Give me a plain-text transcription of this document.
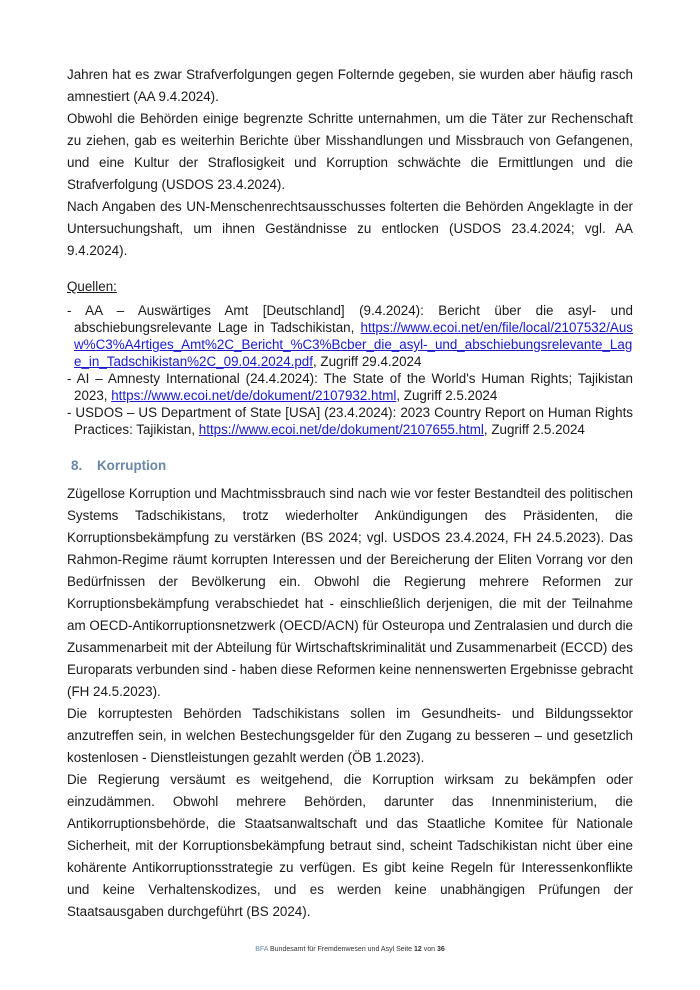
Jahren hat es zwar Strafverfolgungen gegen Folternde gegeben, sie wurden aber häufig rasch amnestiert (AA 9.4.2024).

Obwohl die Behörden einige begrenzte Schritte unternahmen, um die Täter zur Rechenschaft zu ziehen, gab es weiterhin Berichte über Misshandlungen und Missbrauch von Gefangenen, und eine Kultur der Straflosigkeit und Korruption schwächte die Ermittlungen und die Strafverfolgung (USDOS 23.4.2024).

Nach Angaben des UN-Menschenrechtsausschusses folterten die Behörden Angeklagte in der Untersuchungshaft, um ihnen Geständnisse zu entlocken (USDOS 23.4.2024; vgl. AA 9.4.2024).

Quellen:
- AA – Auswärtiges Amt [Deutschland] (9.4.2024): Bericht über die asyl- und abschiebungsrelevante Lage in Tadschikistan, https://www.ecoi.net/en/file/local/2107532/Ausw%C3%A4rtiges_Amt%2C_Bericht_%C3%Bcber_die_asyl-_und_abschiebungsrelevante_Lage_in_Tadschikistan%2C_09.04.2024.pdf, Zugriff 29.4.2024
- AI – Amnesty International (24.4.2024): The State of the World's Human Rights; Tajikistan 2023, https://www.ecoi.net/de/dokument/2107932.html, Zugriff 2.5.2024
- USDOS – US Department of State [USA] (23.4.2024): 2023 Country Report on Human Rights Practices: Tajikistan, https://www.ecoi.net/de/dokument/2107655.html, Zugriff 2.5.2024
8. Korruption

Zügellose Korruption und Machtmissbrauch sind nach wie vor fester Bestandteil des politischen Systems Tadschikistans, trotz wiederholter Ankündigungen des Präsidenten, die Korruptionsbekämpfung zu verstärken (BS 2024; vgl. USDOS 23.4.2024, FH 24.5.2023). Das Rahmon-Regime räumt korrupten Interessen und der Bereicherung der Eliten Vorrang vor den Bedürfnissen der Bevölkerung ein. Obwohl die Regierung mehrere Reformen zur Korruptionsbekämpfung verabschiedet hat - einschließlich derjenigen, die mit der Teilnahme am OECD-Antikorruptionsnetzwerk (OECD/ACN) für Osteuropa und Zentralasien und durch die Zusammenarbeit mit der Abteilung für Wirtschaftskriminalität und Zusammenarbeit (ECCD) des Europarats verbunden sind - haben diese Reformen keine nennenswerten Ergebnisse gebracht (FH 24.5.2023).

Die korruptesten Behörden Tadschikistans sollen im Gesundheits- und Bildungssektor anzutreffen sein, in welchen Bestechungsgelder für den Zugang zu besseren – und gesetzlich kostenlosen - Dienstleistungen gezahlt werden (ÖB 1.2023).

Die Regierung versäumt es weitgehend, die Korruption wirksam zu bekämpfen oder einzudämmen. Obwohl mehrere Behörden, darunter das Innenministerium, die Antikorruptionsbehörde, die Staatsanwaltschaft und das Staatliche Komitee für Nationale Sicherheit, mit der Korruptionsbekämpfung betraut sind, scheint Tadschikistan nicht über eine kohärente Antikorruptionsstrategie zu verfügen. Es gibt keine Regeln für Interessenkonflikte und keine Verhaltenskodizes, und es werden keine unabhängigen Prüfungen der Staatsausgaben durchgeführt (BS 2024).

BFA Bundesamt für Fremdenwesen und Asyl Seite 12 von 36
